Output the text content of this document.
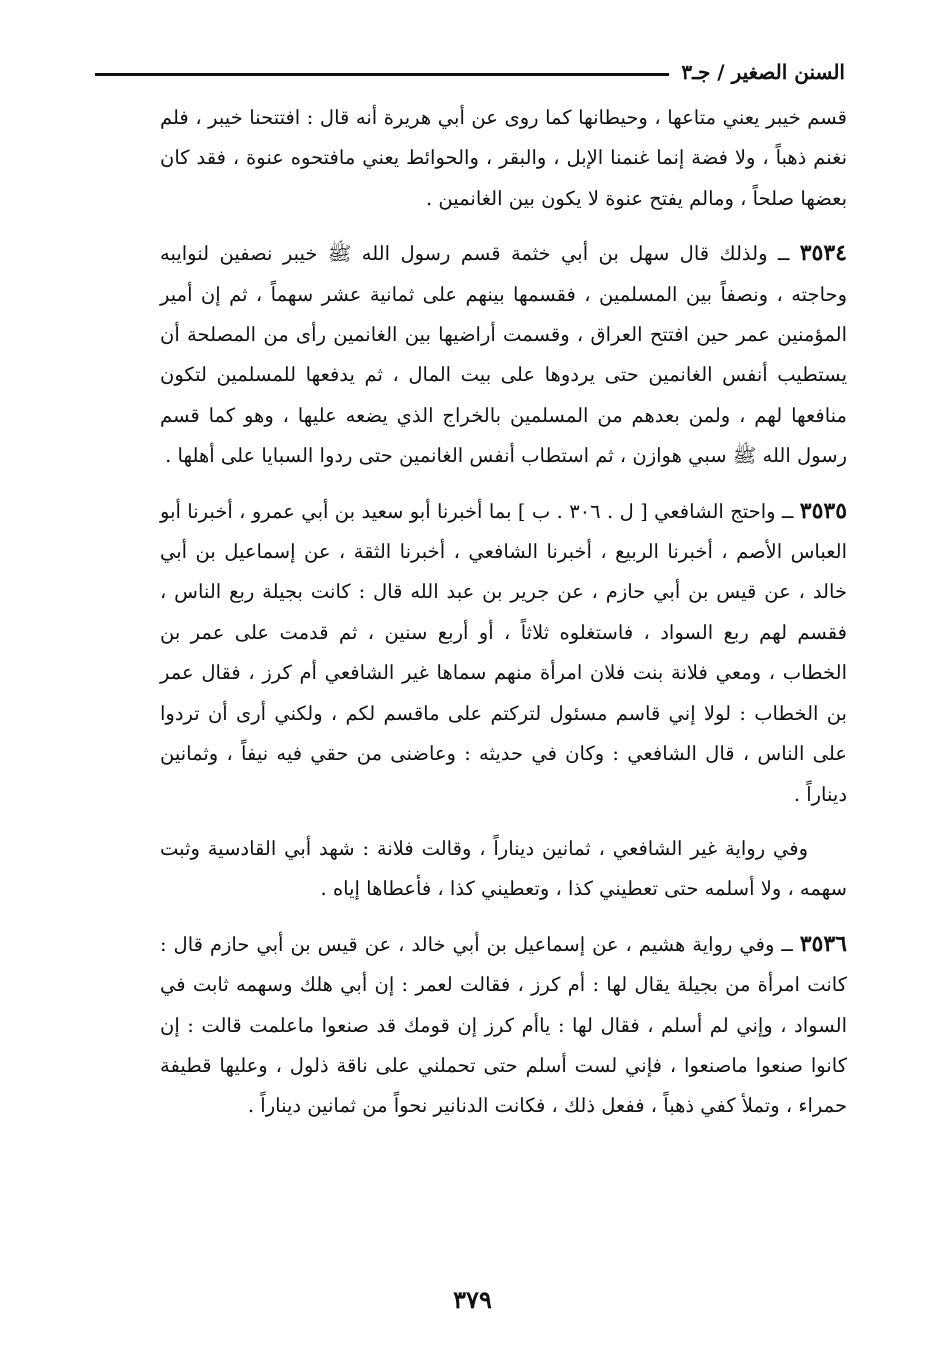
السنن الصغير / جـ٣

قسم خيبر يعني متاعها ، وحيطانها كما روى عن أبي هريرة أنه قال : افتتحنا خيبر ، فلم نغنم ذهباً ، ولا فضة إنما غنمنا الإبل ، والبقر ، والحوائط يعني مافتحوه عنوة ، فقد كان بعضها صلحاً ، ومالم يفتح عنوة لا يكون بين الغانمين .

٣٥٣٤ ــ ولذلك قال سهل بن أبي خثمة قسم رسول الله ﷺ خيبر نصفين لنوايبه وحاجته ، ونصفاً بين المسلمين ، فقسمها بينهم على ثمانية عشر سهماً ، ثم إن أمير المؤمنين عمر حين افتتح العراق ، وقسمت أراضيها بين الغانمين رأى من المصلحة أن يستطيب أنفس الغانمين حتى يردوها على بيت المال ، ثم يدفعها للمسلمين لتكون منافعها لهم ، ولمن بعدهم من المسلمين بالخراج الذي يضعه عليها ، وهو كما قسم رسول الله ﷺ سبي هوازن ، ثم استطاب أنفس الغانمين حتى ردوا السبايا على أهلها .

٣٥٣٥ ــ واحتج الشافعي [ ل . ٣٠٦ . ب ] بما أخبرنا أبو سعيد بن أبي عمرو ، أخبرنا أبو العباس الأصم ، أخبرنا الربيع ، أخبرنا الشافعي ، أخبرنا الثقة ، عن إسماعيل بن أبي خالد ، عن قيس بن أبي حازم ، عن جرير بن عبد الله قال : كانت بجيلة ربع الناس ، فقسم لهم ربع السواد ، فاستغلوه ثلاثاً ، أو أربع سنين ، ثم قدمت على عمر بن الخطاب ، ومعي فلانة بنت فلان امرأة منهم سماها غير الشافعي أم كرز ، فقال عمر بن الخطاب : لولا إني قاسم مسئول لتركتم على ماقسم لكم ، ولكني أرى أن تردوا على الناس ، قال الشافعي : وكان في حديثه : وعاضنى من حقي فيه نيفاً ، وثمانين ديناراً .

وفي رواية غير الشافعي ، ثمانين ديناراً ، وقالت فلانة : شهد أبي القادسية وثبت سهمه ، ولا أسلمه حتى تعطيني كذا ، وتعطيني كذا ، فأعطاها إياه .

٣٥٣٦ ــ وفي رواية هشيم ، عن إسماعيل بن أبي خالد ، عن قيس بن أبي حازم قال : كانت امرأة من بجيلة يقال لها : أم كرز ، فقالت لعمر : إن أبي هلك وسهمه ثابت في السواد ، وإني لم أسلم ، فقال لها : ياأم كرز إن قومك قد صنعوا ماعلمت قالت : إن كانوا صنعوا ماصنعوا ، فإني لست أسلم حتى تحملني على ناقة ذلول ، وعليها قطيفة حمراء ، وتملأ كفي ذهباً ، ففعل ذلك ، فكانت الدنانير نحواً من ثمانين ديناراً .

٣٧٩
